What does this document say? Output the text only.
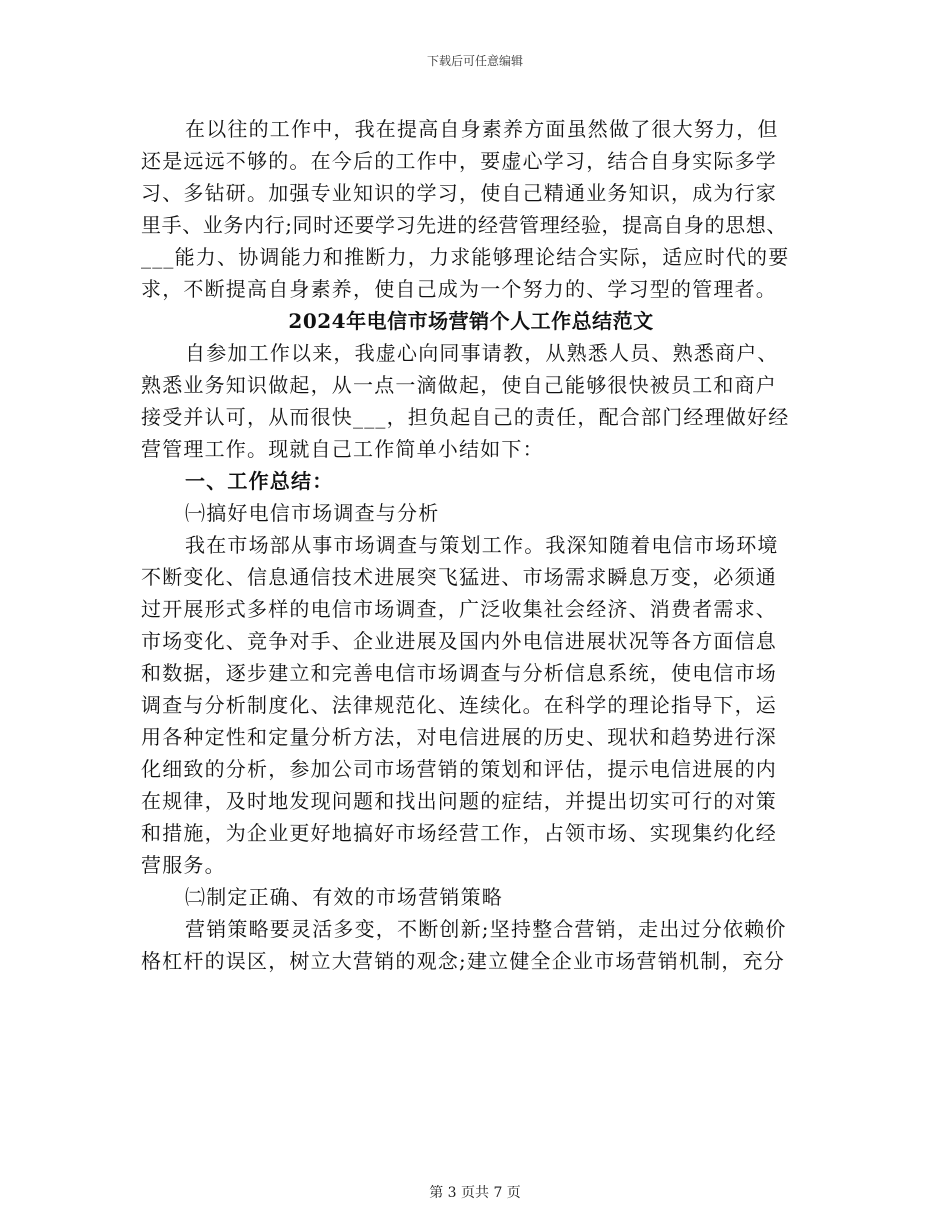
下载后可任意编辑
在以往的工作中，我在提高自身素养方面虽然做了很大努力，但
还是远远不够的。在今后的工作中，要虚心学习，结合自身实际多学
习、多钻研。加强专业知识的学习，使自己精通业务知识，成为行家
里手、业务内行;同时还要学习先进的经营管理经验，提高自身的思想、
___能力、协调能力和推断力，力求能够理论结合实际，适应时代的要
求，不断提高自身素养，使自己成为一个努力的、学习型的管理者。
2024年电信市场营销个人工作总结范文
自参加工作以来，我虚心向同事请教，从熟悉人员、熟悉商户、
熟悉业务知识做起，从一点一滴做起，使自己能够很快被员工和商户
接受并认可，从而很快___，担负起自己的责任，配合部门经理做好经
营管理工作。现就自己工作简单小结如下：
一、工作总结：
㈠搞好电信市场调查与分析
我在市场部从事市场调查与策划工作。我深知随着电信市场环境
不断变化、信息通信技术进展突飞猛进、市场需求瞬息万变，必须通
过开展形式多样的电信市场调查，广泛收集社会经济、消费者需求、
市场变化、竞争对手、企业进展及国内外电信进展状况等各方面信息
和数据，逐步建立和完善电信市场调查与分析信息系统，使电信市场
调查与分析制度化、法律规范化、连续化。在科学的理论指导下，运
用各种定性和定量分析方法，对电信进展的历史、现状和趋势进行深
化细致的分析，参加公司市场营销的策划和评估，提示电信进展的内
在规律，及时地发现问题和找出问题的症结，并提出切实可行的对策
和措施，为企业更好地搞好市场经营工作，占领市场、实现集约化经
营服务。
㈡制定正确、有效的市场营销策略
营销策略要灵活多变，不断创新;坚持整合营销，走出过分依赖价
格杠杆的误区，树立大营销的观念;建立健全企业市场营销机制，充分
第 3 页共 7 页
